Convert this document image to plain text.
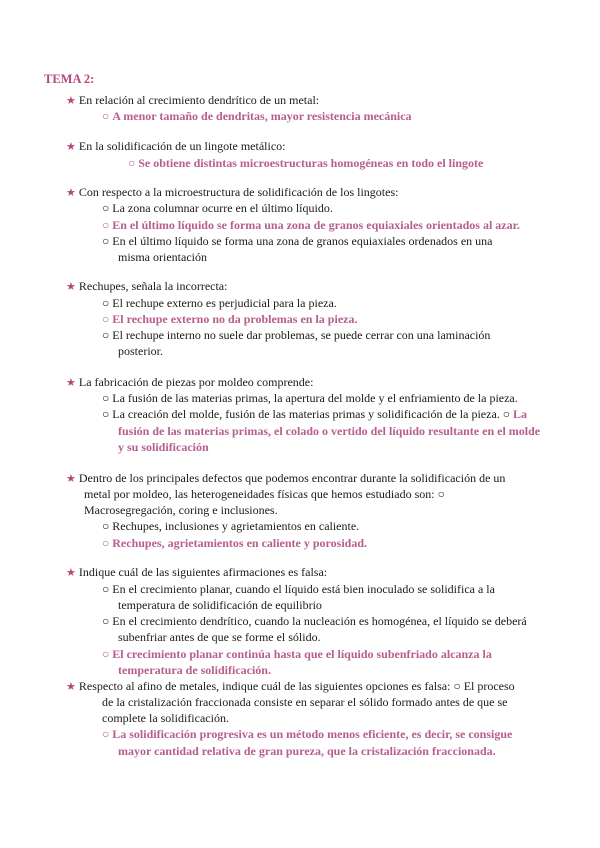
TEMA 2:
★ En relación al crecimiento dendrítico de un metal:
○ A menor tamaño de dendritas, mayor resistencia mecánica
★ En la solidificación de un lingote metálico:
○ Se obtiene distintas microestructuras homogéneas en todo el lingote
★ Con respecto a la microestructura de solidificación de los lingotes:
○ La zona columnar ocurre en el último líquido.
○ En el último líquido se forma una zona de granos equiaxiales orientados al azar.
○ En el último líquido se forma una zona de granos equiaxiales ordenados en una
misma orientación
★ Rechupes, señala la incorrecta:
○ El rechupe externo es perjudicial para la pieza.
○ El rechupe externo no da problemas en la pieza.
○ El rechupe interno no suele dar problemas, se puede cerrar con una laminación
posterior.
★ La fabricación de piezas por moldeo comprende:
○ La fusión de las materias primas, la apertura del molde y el enfriamiento de la pieza.
○ La creación del molde, fusión de las materias primas y solidificación de la pieza. ○ La
fusión de las materias primas, el colado o vertido del líquido resultante en el molde
y su solidificación
★ Dentro de los principales defectos que podemos encontrar durante la solidificación de un
metal por moldeo, las heterogeneidades físicas que hemos estudiado son: ○
Macrosegregación, coring e inclusiones.
○ Rechupes, inclusiones y agrietamientos en caliente.
○ Rechupes, agrietamientos en caliente y porosidad.
★ Indique cuál de las siguientes afirmaciones es falsa:
○ En el crecimiento planar, cuando el líquido está bien inoculado se solidifica a la
temperatura de solidificación de equilibrio
○ En el crecimiento dendrítico, cuando la nucleación es homogénea, el líquido se deberá
subenfriar antes de que se forme el sólido.
○ El crecimiento planar continúa hasta que el líquido subenfriado alcanza la
temperatura de solidificación.
★ Respecto al afino de metales, indique cuál de las siguientes opciones es falsa: ○ El proceso
de la cristalización fraccionada consiste en separar el sólido formado antes de que se
complete la solidificación.
○ La solidificación progresiva es un método menos eficiente, es decir, se consigue
mayor cantidad relativa de gran pureza, que la cristalización fraccionada.
